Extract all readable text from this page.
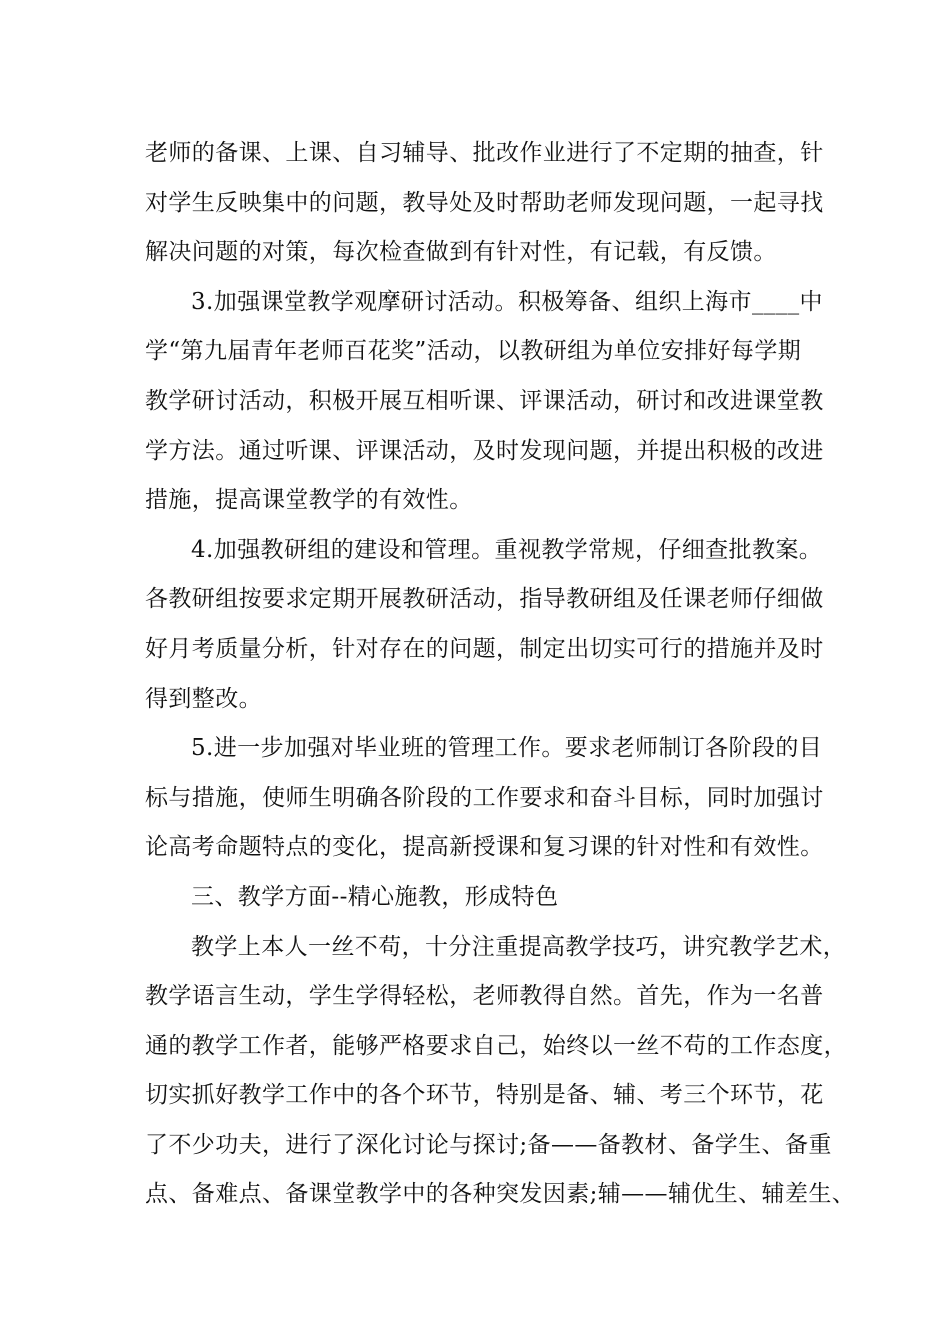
老师的备课、上课、自习辅导、批改作业进行了不定期的抽查，针
对学生反映集中的问题，教导处及时帮助老师发现问题，一起寻找
解决问题的对策，每次检查做到有针对性，有记载，有反馈。
3.加强课堂教学观摩研讨活动。积极筹备、组织上海市____中
学“第九届青年老师百花奖”活动，以教研组为单位安排好每学期
教学研讨活动，积极开展互相听课、评课活动，研讨和改进课堂教
学方法。通过听课、评课活动，及时发现问题，并提出积极的改进
措施，提高课堂教学的有效性。
4.加强教研组的建设和管理。重视教学常规，仔细查批教案。
各教研组按要求定期开展教研活动，指导教研组及任课老师仔细做
好月考质量分析，针对存在的问题，制定出切实可行的措施并及时
得到整改。
5.进一步加强对毕业班的管理工作。要求老师制订各阶段的目
标与措施，使师生明确各阶段的工作要求和奋斗目标，同时加强讨
论高考命题特点的变化，提高新授课和复习课的针对性和有效性。
三、教学方面--精心施教，形成特色
教学上本人一丝不苟，十分注重提高教学技巧，讲究教学艺术，
教学语言生动，学生学得轻松，老师教得自然。首先，作为一名普
通的教学工作者，能够严格要求自己，始终以一丝不苟的工作态度，
切实抓好教学工作中的各个环节，特别是备、辅、考三个环节，花
了不少功夫，进行了深化讨论与探讨;备——备教材、备学生、备重
点、备难点、备课堂教学中的各种突发因素;辅——辅优生、辅差生、
